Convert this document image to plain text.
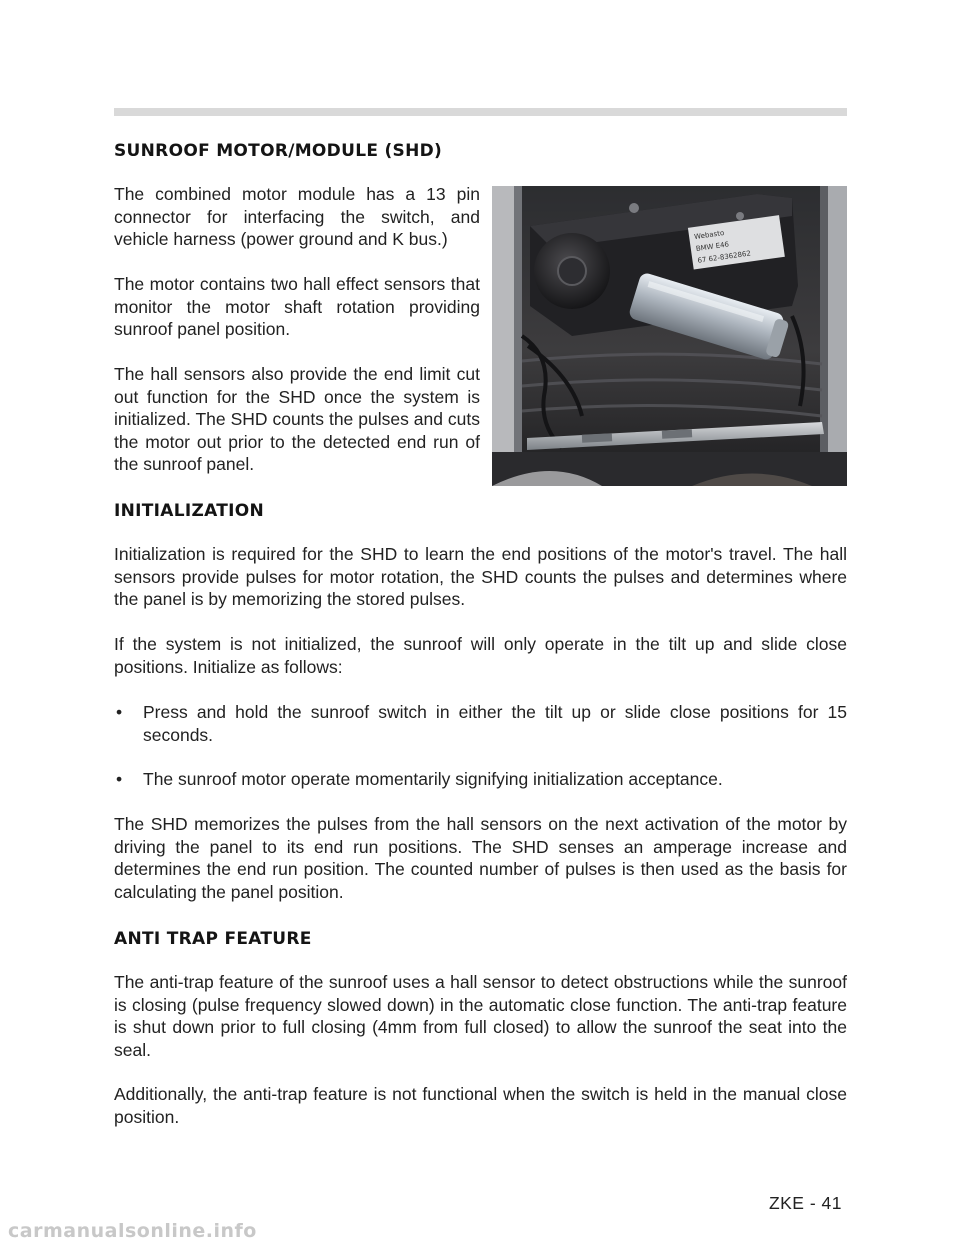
SUNROOF MOTOR/MODULE (SHD)

The combined motor module has a 13 pin connector for interfacing the switch, and vehicle harness (power ground and K bus.)

The motor contains two hall effect sensors that monitor the motor shaft rotation providing sunroof panel position.

The hall sensors also provide the end limit cut out function for the SHD once the system is initialized. The SHD counts the pulses and cuts the motor out prior to the detected end run of the sunroof panel.

Webasto
BMW E46
67 62-8362862
INITIALIZATION

Initialization is required for the SHD to learn the end positions of the motor's travel. The hall sensors provide pulses for motor rotation, the SHD counts the pulses and determines where the panel is by memorizing the stored pulses.

If the system is not initialized, the sunroof will only operate in the tilt up and slide close positions. Initialize as follows:

• Press and hold the sunroof switch in either the tilt up or slide close positions for 15 seconds.
• The sunroof motor operate momentarily signifying initialization acceptance.

The SHD memorizes the pulses from the hall sensors on the next activation of the motor by driving the panel to its end run positions. The SHD senses an amperage increase and determines the end run position. The counted number of pulses is then used as the basis for calculating the panel position.

ANTI TRAP FEATURE

The anti-trap feature of the sunroof uses a hall sensor to detect obstructions while the sunroof is closing (pulse frequency slowed down) in the automatic close function. The anti-trap feature is shut down prior to full closing (4mm from full closed) to allow the sunroof the seat into the seal.

Additionally, the anti-trap feature is not functional when the switch is held in the manual close position.

ZKE - 41
carmanualsonline.info
